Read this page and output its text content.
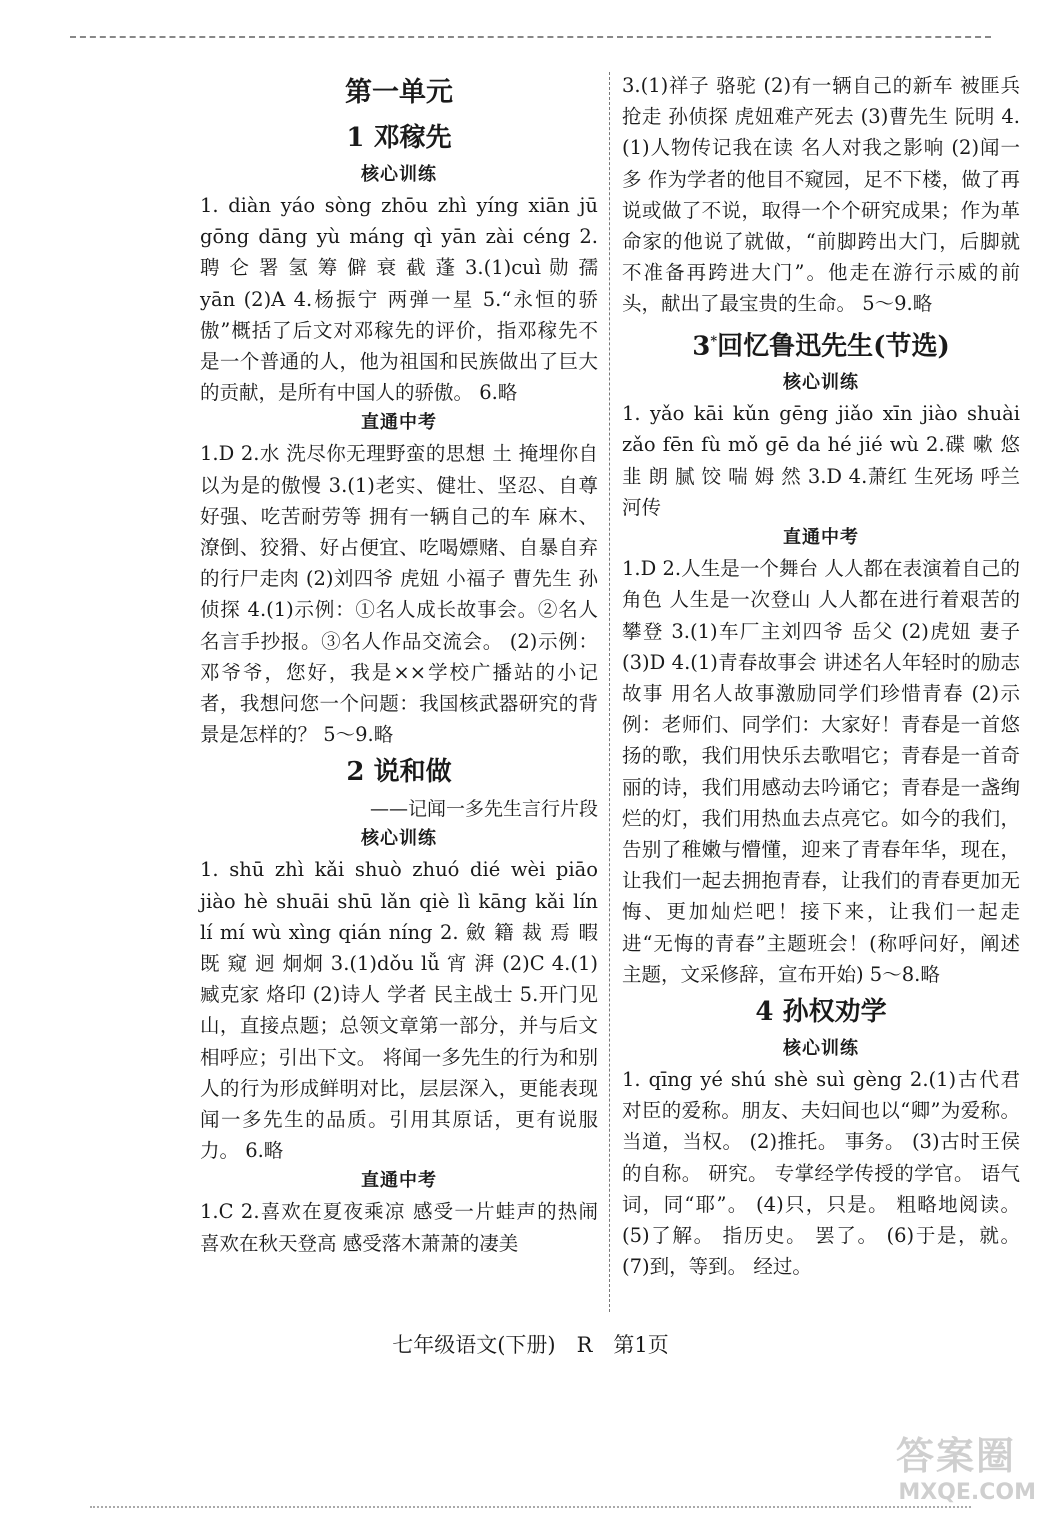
第一单元
1 邓稼先
核心训练

1. diàn yáo sòng zhōu zhì yíng xiān jū gōng dāng yù máng qì yān zài céng 2. 聘 仑 署 氢 筹 僻 衰 截 蓬 3.(1)cuì 勋 孺 yān (2)A 4.杨振宁 两弹一星 5.“永恒的骄傲”概括了后文对邓稼先的评价，指邓稼先不是一个普通的人，他为祖国和民族做出了巨大的贡献，是所有中国人的骄傲。 6.略

直通中考

1.D 2.水 洗尽你无理野蛮的思想 土 掩埋你自以为是的傲慢 3.(1)老实、健壮、坚忍、自尊好强、吃苦耐劳等 拥有一辆自己的车 麻木、潦倒、狡猾、好占便宜、吃喝嫖赌、自暴自弃的行尸走肉 (2)刘四爷 虎妞 小福子 曹先生 孙侦探 4.(1)示例：①名人成长故事会。②名人名言手抄报。③名人作品交流会。 (2)示例：邓爷爷，您好，我是××学校广播站的小记者，我想问您一个问题：我国核武器研究的背景是怎样的？ 5～9.略

2 说和做
——记闻一多先生言行片段
核心训练

1. shū zhì kǎi shuò zhuó dié wèi piāo jiào hè shuāi shū lǎn qiè lì kāng kǎi lín lí mí wù xìng qián níng 2. 斂 籍 裁 焉 暇 既 窥 迥 炯炯 3.(1)dǒu lǚ 宵 湃 (2)C 4.(1)臧克家 烙印 (2)诗人 学者 民主战士 5.开门见山，直接点题；总领文章第一部分，并与后文相呼应；引出下文。 将闻一多先生的行为和别人的行为形成鲜明对比，层层深入，更能表现闻一多先生的品质。引用其原话，更有说服力。 6.略

直通中考

1.C 2.喜欢在夏夜乘凉 感受一片蛙声的热闹 喜欢在秋天登高 感受落木萧萧的凄美

3.(1)祥子 骆驼 (2)有一辆自己的新车 被匪兵抢走 孙侦探 虎妞难产死去 (3)曹先生 阮明 4.(1)人物传记我在读 名人对我之影响 (2)闻一多 作为学者的他目不窥园，足不下楼，做了再说或做了不说，取得一个个研究成果；作为革命家的他说了就做，“前脚跨出大门，后脚就不准备再跨进大门”。他走在游行示威的前头，献出了最宝贵的生命。 5～9.略

3*回忆鲁迅先生(节选)
核心训练

1. yǎo kāi kǔn gēng jiǎo xīn jiào shuài zǎo fēn fù mǒ gē da hé jié wù 2.碟 嗽 悠 韭 朗 腻 饺 喘 姆 然 3.D 4.萧红 生死场 呼兰河传

直通中考

1.D 2.人生是一个舞台 人人都在表演着自己的角色 人生是一次登山 人人都在进行着艰苦的攀登 3.(1)车厂主刘四爷 岳父 (2)虎妞 妻子 (3)D 4.(1)青春故事会 讲述名人年轻时的励志故事 用名人故事激励同学们珍惜青春 (2)示例：老师们、同学们：大家好！青春是一首悠扬的歌，我们用快乐去歌唱它；青春是一首奇丽的诗，我们用感动去吟诵它；青春是一盏绚烂的灯，我们用热血去点亮它。如今的我们，告别了稚嫩与懵懂，迎来了青春年华，现在，让我们一起去拥抱青春，让我们的青春更加无悔、更加灿烂吧！接下来，让我们一起走进“无悔的青春”主题班会！(称呼问好，阐述主题，文采修辞，宣布开始) 5～8.略

4 孙权劝学
核心训练

1. qīng yé shú shè suì gèng 2.(1)古代君对臣的爱称。朋友、夫妇间也以“卿”为爱称。 当道，当权。 (2)推托。 事务。 (3)古时王侯的自称。 研究。 专掌经学传授的学官。 语气词，同“耶”。 (4)只，只是。 粗略地阅读。 (5)了解。 指历史。 罢了。 (6)于是，就。 (7)到，等到。 经过。

七年级语文(下册)　R　第1页
答案圈
MXQE.COM
